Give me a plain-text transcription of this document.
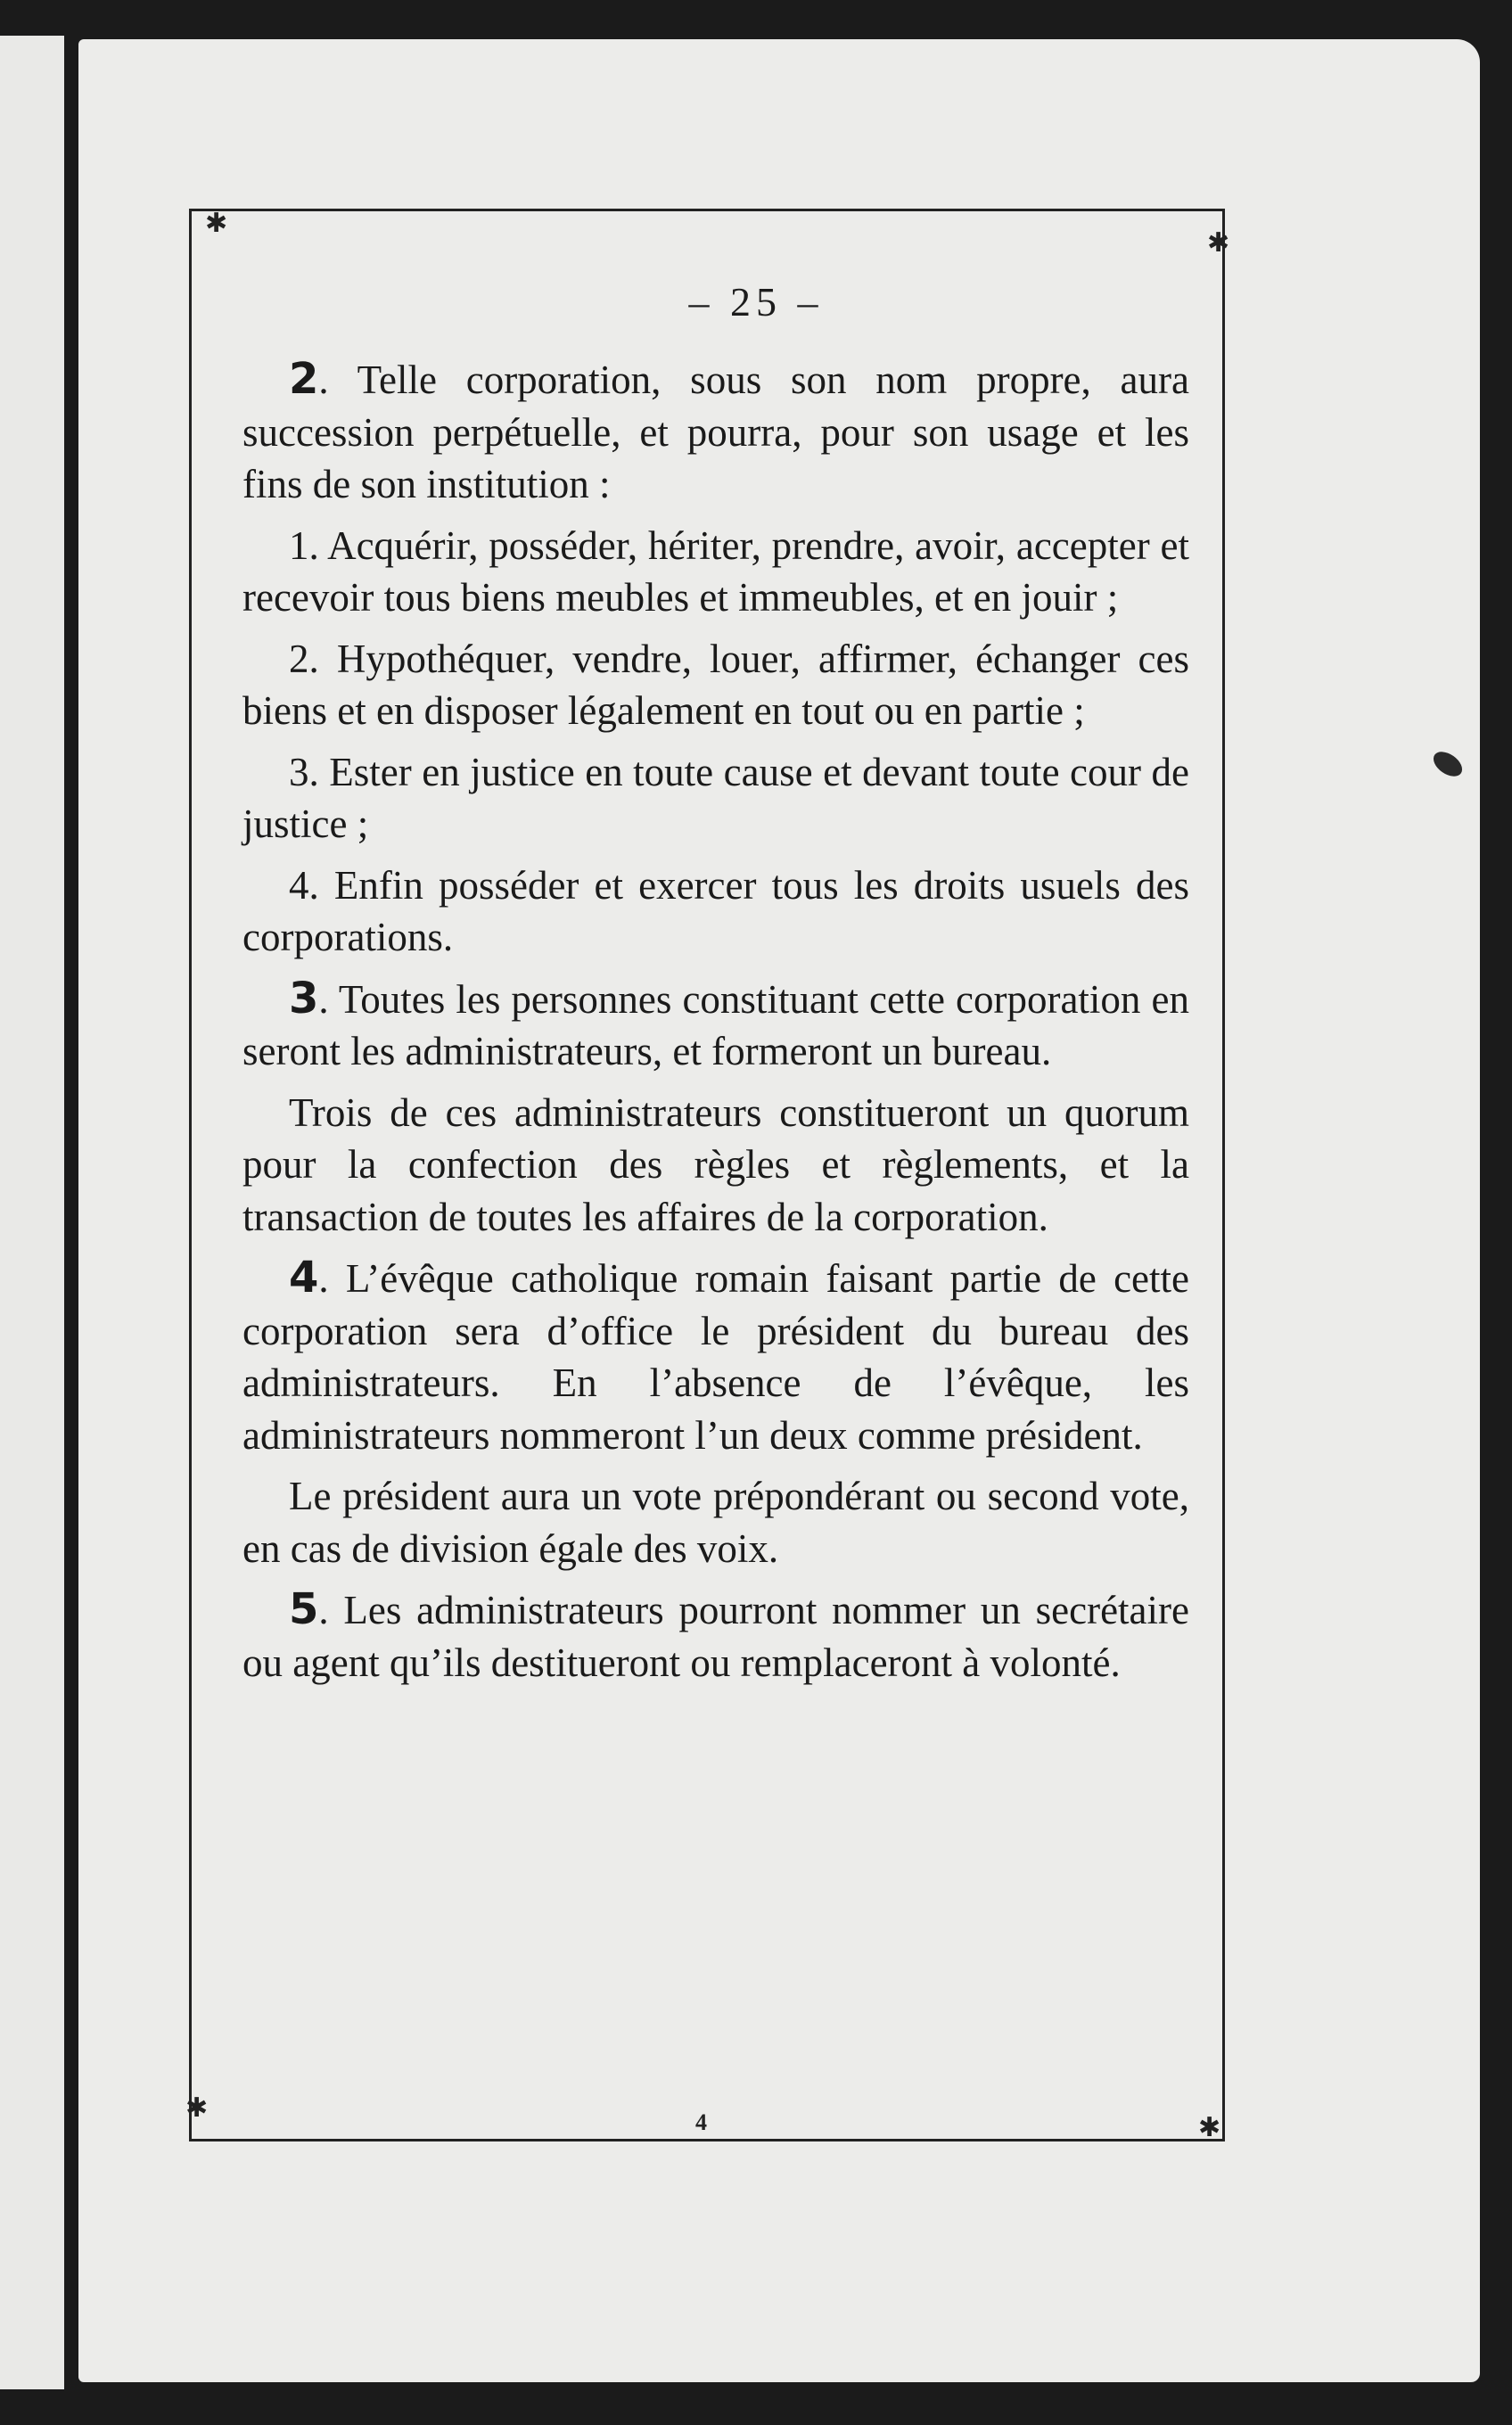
✱
✱
✱
✱
– 25 –

2. Telle corporation, sous son nom propre, aura succession perpétuelle, et pourra, pour son usage et les fins de son institution :

1. Acquérir, posséder, hériter, prendre, avoir, accepter et recevoir tous biens meubles et immeubles, et en jouir ;

2. Hypothéquer, vendre, louer, affirmer, échanger ces biens et en disposer légalement en tout ou en partie ;

3. Ester en justice en toute cause et devant toute cour de justice ;

4. Enfin posséder et exercer tous les droits usuels des corporations.

3. Toutes les personnes constituant cette corporation en seront les administrateurs, et formeront un bureau.

Trois de ces administrateurs constitueront un quorum pour la confection des règles et règlements, et la transaction de toutes les affaires de la corporation.

4. L’évêque catholique romain faisant partie de cette corporation sera d’office le président du bureau des administrateurs. En l’absence de l’évêque, les administrateurs nommeront l’un deux comme président.

Le président aura un vote prépondérant ou second vote, en cas de division égale des voix.

5. Les administrateurs pourront nommer un secrétaire ou agent qu’ils destitueront ou remplaceront à volonté.

4
